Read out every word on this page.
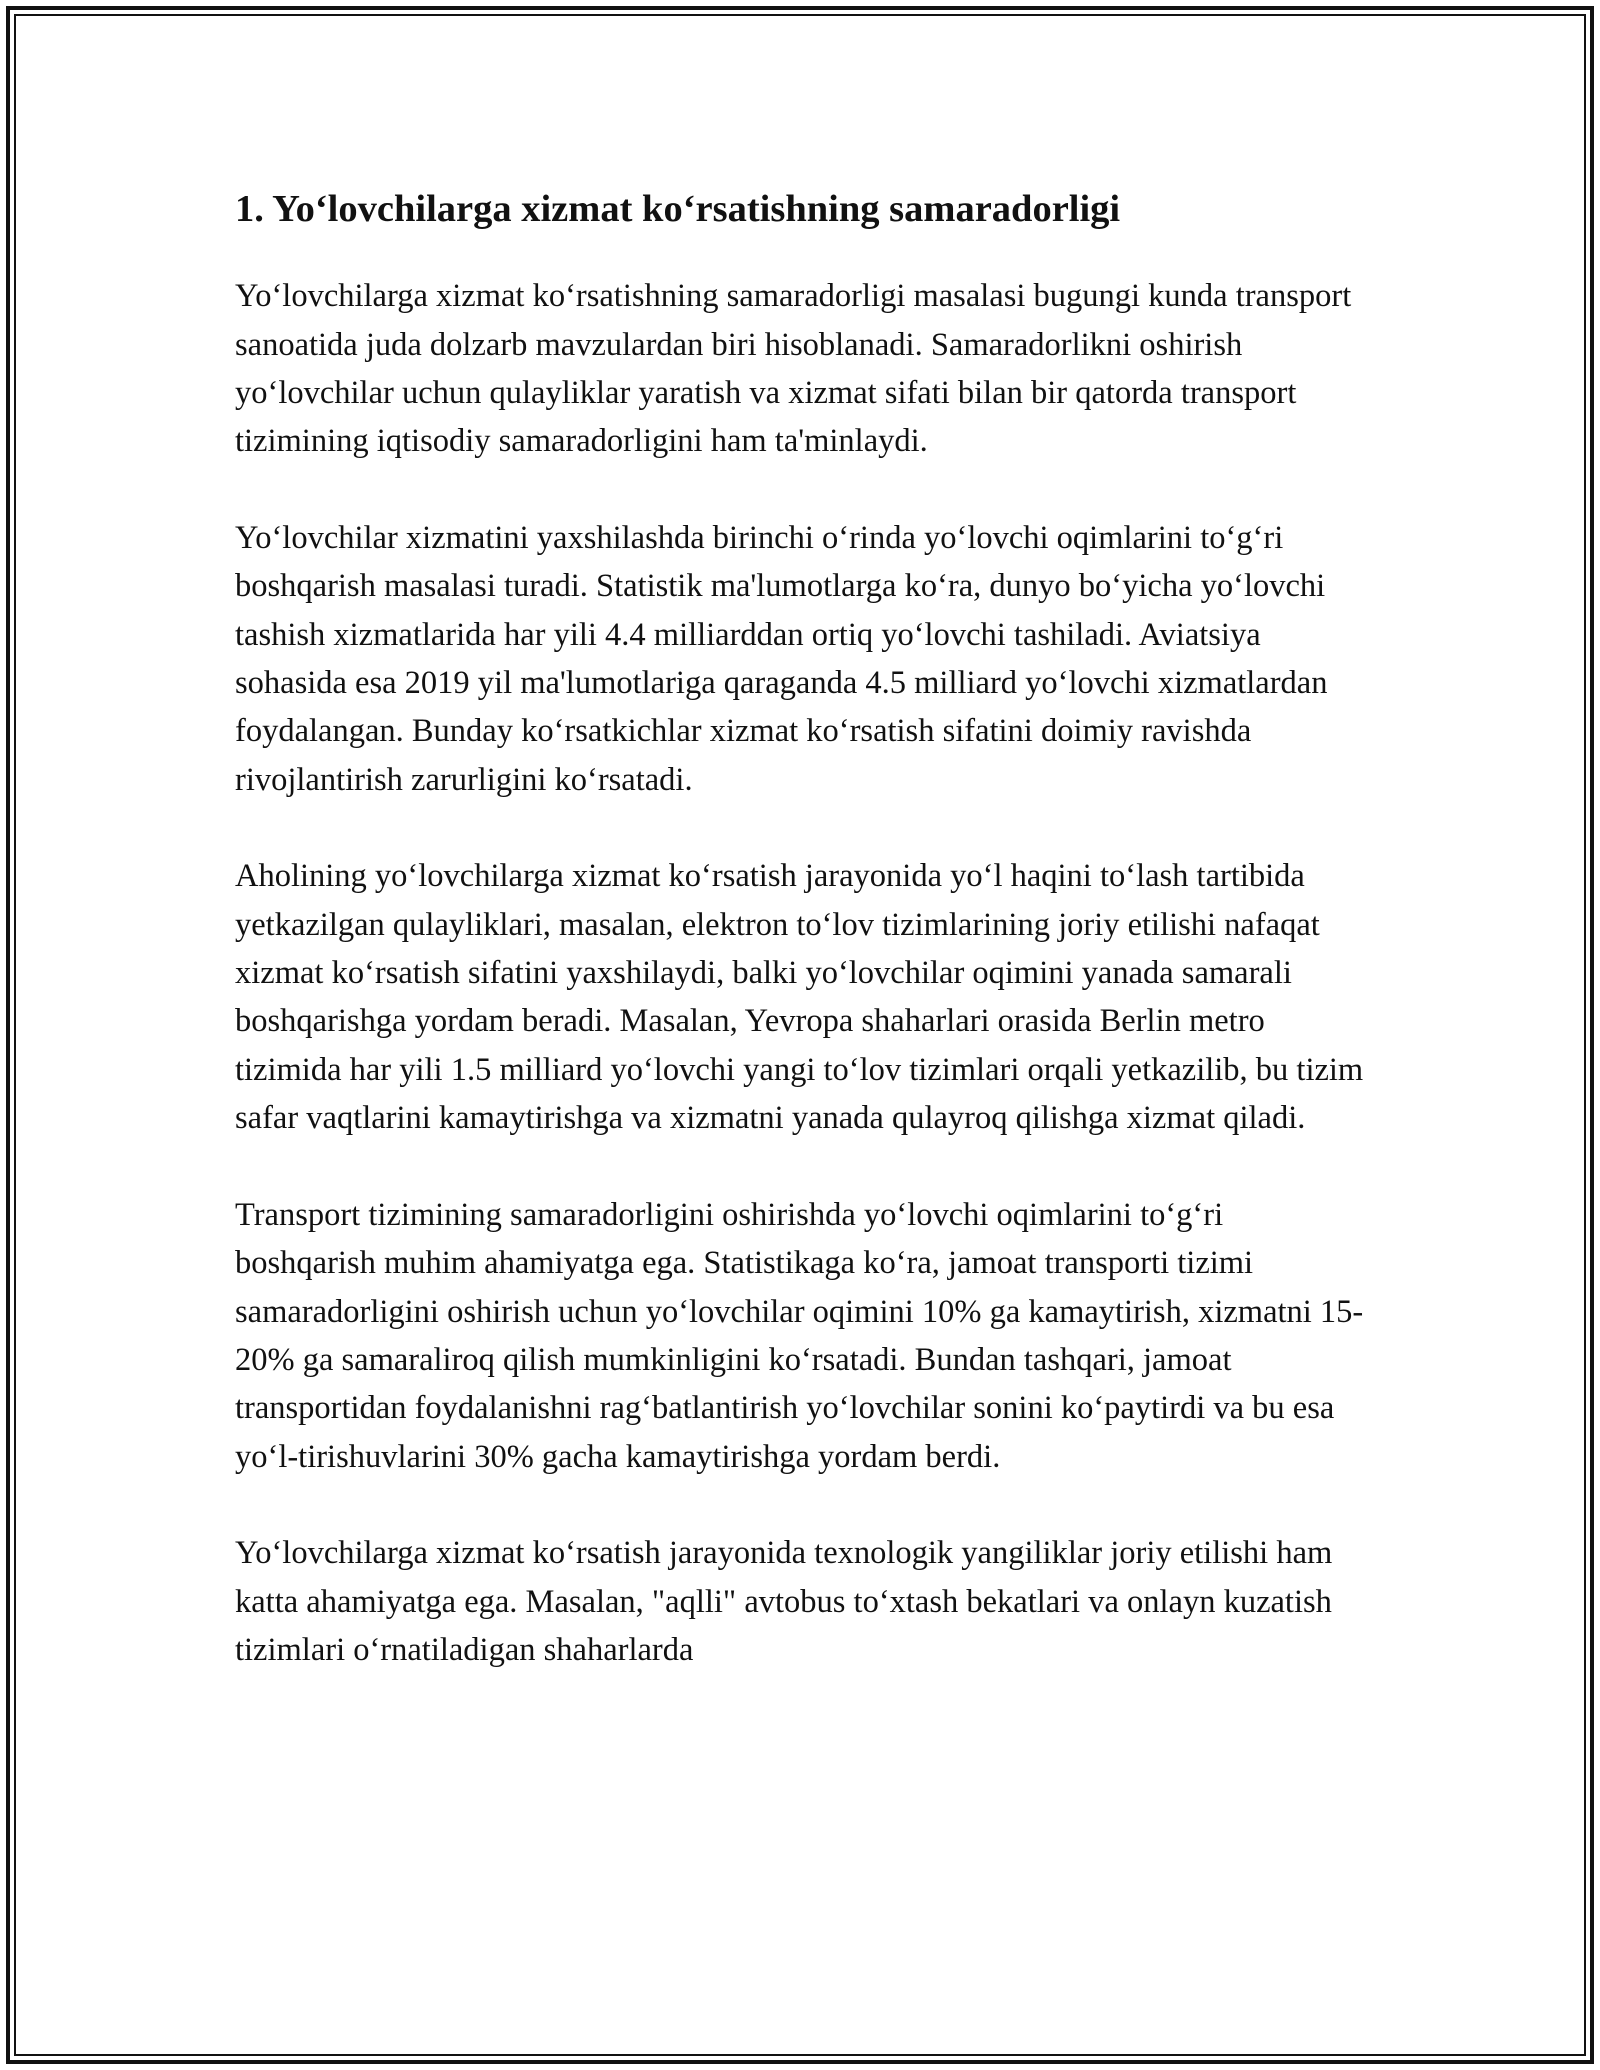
1. Yo‘lovchilarga xizmat ko‘rsatishning samaradorligi

Yo‘lovchilarga xizmat ko‘rsatishning samaradorligi masalasi bugungi kunda transport sanoatida juda dolzarb mavzulardan biri hisoblanadi. Samaradorlikni oshirish yo‘lovchilar uchun qulayliklar yaratish va xizmat sifati bilan bir qatorda transport tizimining iqtisodiy samaradorligini ham ta'minlaydi.

Yo‘lovchilar xizmatini yaxshilashda birinchi o‘rinda yo‘lovchi oqimlarini to‘g‘ri boshqarish masalasi turadi. Statistik ma'lumotlarga ko‘ra, dunyo bo‘yicha yo‘lovchi tashish xizmatlarida har yili 4.4 milliarddan ortiq yo‘lovchi tashiladi. Aviatsiya sohasida esa 2019 yil ma'lumotlariga qaraganda 4.5 milliard yo‘lovchi xizmatlardan foydalangan. Bunday ko‘rsatkichlar xizmat ko‘rsatish sifatini doimiy ravishda rivojlantirish zarurligini ko‘rsatadi.

Aholining yo‘lovchilarga xizmat ko‘rsatish jarayonida yo‘l haqini to‘lash tartibida yetkazilgan qulayliklari, masalan, elektron to‘lov tizimlarining joriy etilishi nafaqat xizmat ko‘rsatish sifatini yaxshilaydi, balki yo‘lovchilar oqimini yanada samarali boshqarishga yordam beradi. Masalan, Yevropa shaharlari orasida Berlin metro tizimida har yili 1.5 milliard yo‘lovchi yangi to‘lov tizimlari orqali yetkazilib, bu tizim safar vaqtlarini kamaytirishga va xizmatni yanada qulayroq qilishga xizmat qiladi.

Transport tizimining samaradorligini oshirishda yo‘lovchi oqimlarini to‘g‘ri boshqarish muhim ahamiyatga ega. Statistikaga ko‘ra, jamoat transporti tizimi samaradorligini oshirish uchun yo‘lovchilar oqimini 10% ga kamaytirish, xizmatni 15-20% ga samaraliroq qilish mumkinligini ko‘rsatadi. Bundan tashqari, jamoat transportidan foydalanishni rag‘batlantirish yo‘lovchilar sonini ko‘paytirdi va bu esa yo‘l-tirishuvlarini 30% gacha kamaytirishga yordam berdi.

Yo‘lovchilarga xizmat ko‘rsatish jarayonida texnologik yangiliklar joriy etilishi ham katta ahamiyatga ega. Masalan, "aqlli" avtobus to‘xtash bekatlari va onlayn kuzatish tizimlari o‘rnatiladigan shaharlarda
